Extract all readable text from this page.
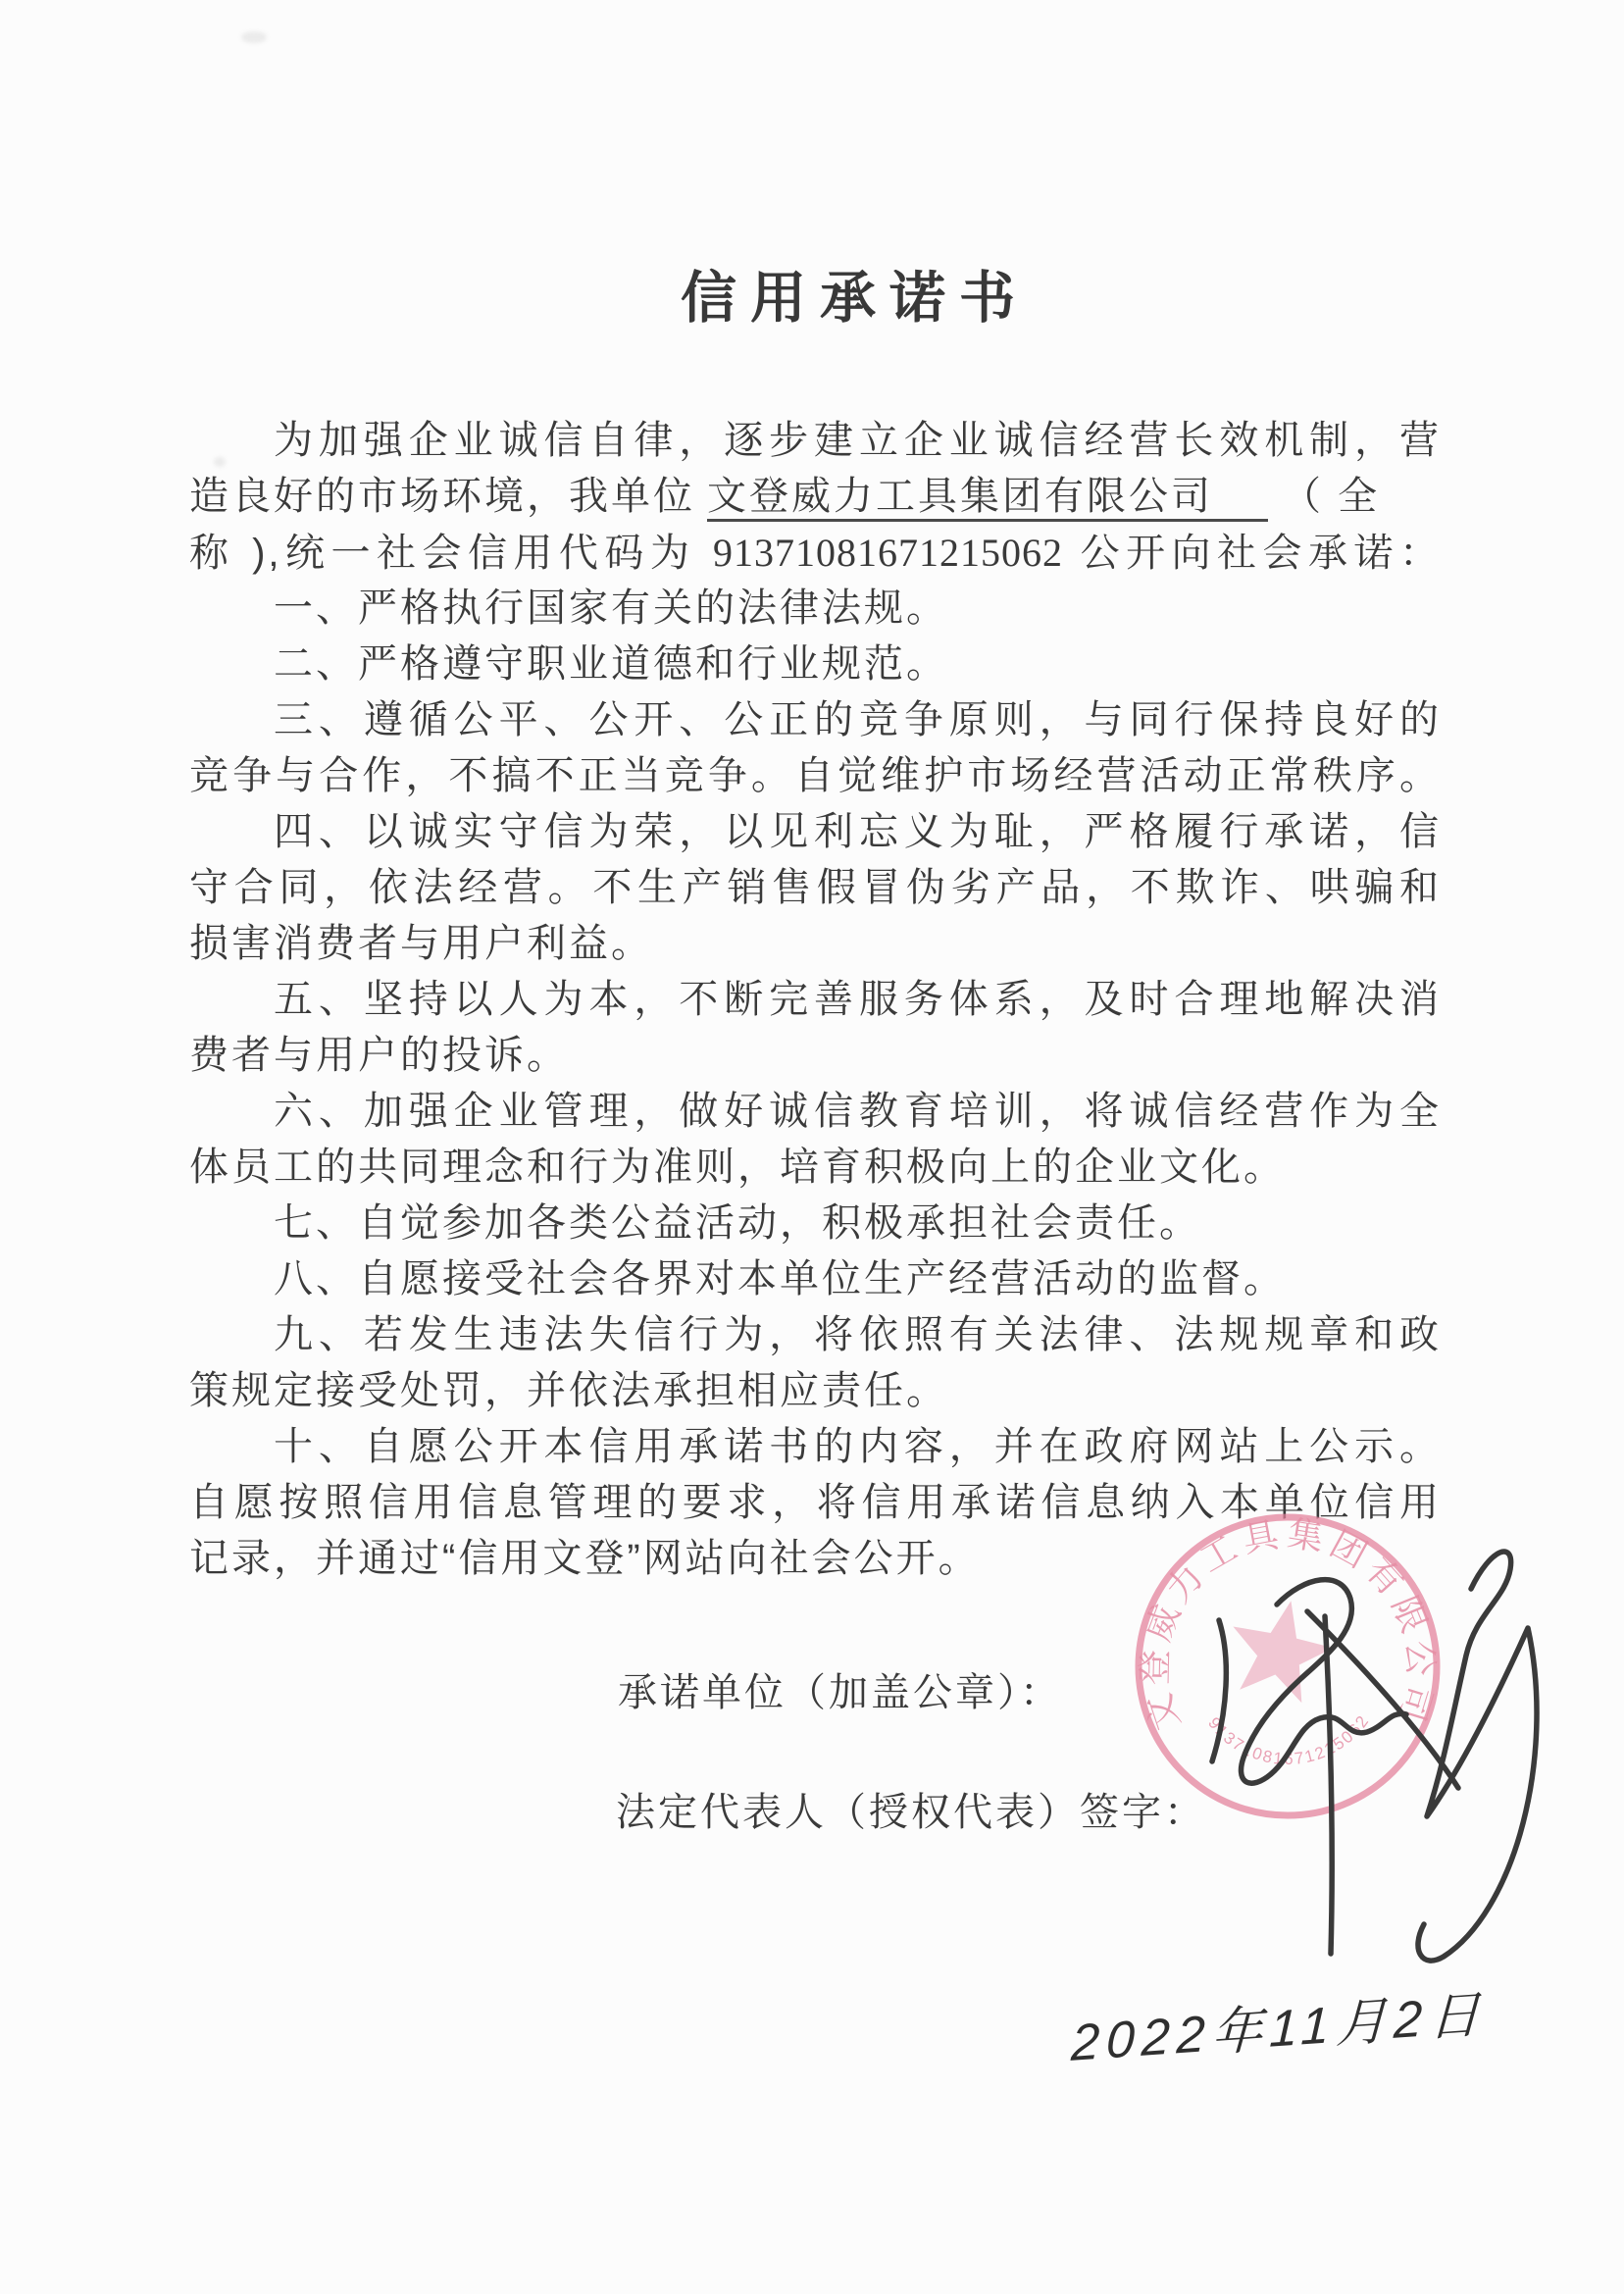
信用承诺书
为加强企业诚信自律，逐步建立企业诚信经营长效机制，营
造良好的市场环境，我单位 文登威力工具集团有限公司 （ 全
称 ),统一社会信用代码为 91371081671215062 公开向社会承诺：
一、严格执行国家有关的法律法规。
二、严格遵守职业道德和行业规范。
三、遵循公平、公开、公正的竞争原则，与同行保持良好的
竞争与合作，不搞不正当竞争。自觉维护市场经营活动正常秩序。
四、以诚实守信为荣，以见利忘义为耻，严格履行承诺，信
守合同，依法经营。不生产销售假冒伪劣产品，不欺诈、哄骗和
损害消费者与用户利益。
五、坚持以人为本，不断完善服务体系，及时合理地解决消
费者与用户的投诉。
六、加强企业管理，做好诚信教育培训，将诚信经营作为全
体员工的共同理念和行为准则，培育积极向上的企业文化。
七、自觉参加各类公益活动，积极承担社会责任。
八、自愿接受社会各界对本单位生产经营活动的监督。
九、若发生违法失信行为，将依照有关法律、法规规章和政
策规定接受处罚，并依法承担相应责任。
十、自愿公开本信用承诺书的内容，并在政府网站上公示。
自愿按照信用信息管理的要求，将信用承诺信息纳入本单位信用
记录，并通过“信用文登”网站向社会公开。
承诺单位（加盖公章）：
法定代表人（授权代表）签字：
文登威力工具集团有限公司
91371081671215062
2022年11月2日
